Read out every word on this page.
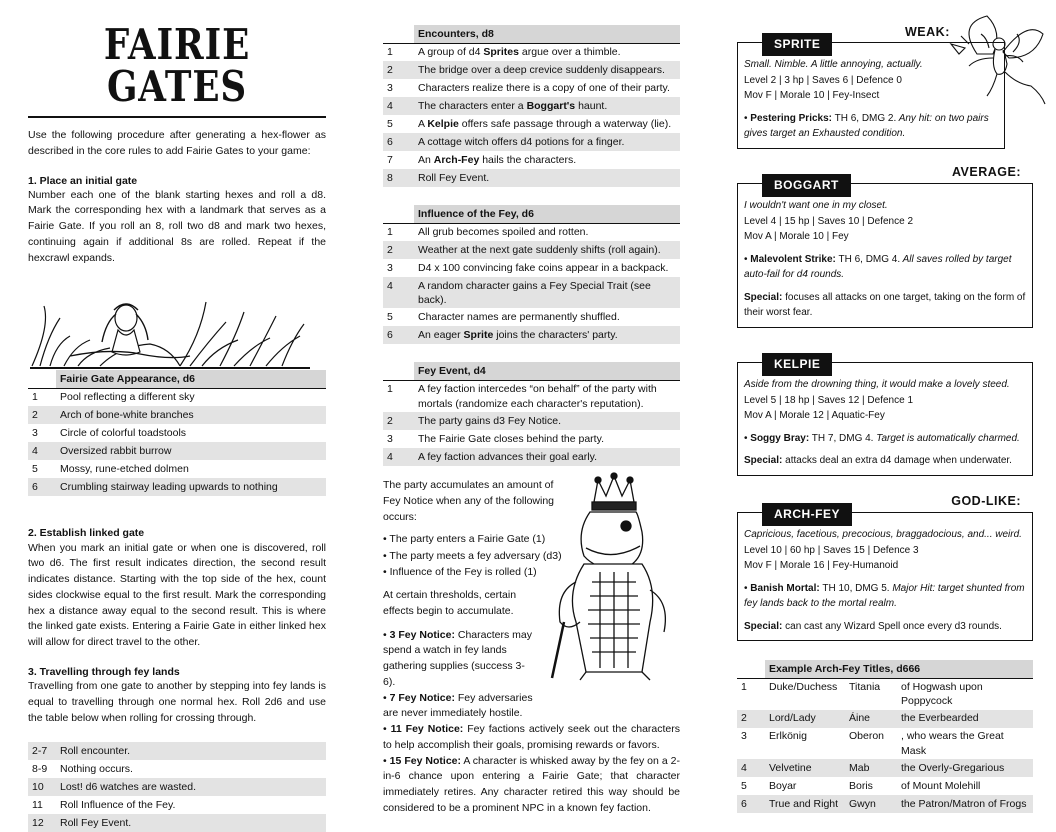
FAIRIE GATES
Use the following procedure after generating a hex-flower as described in the core rules to add Fairie Gates to your game:
1. Place an initial gate
Number each one of the blank starting hexes and roll a d8. Mark the corresponding hex with a landmark that serves as a Fairie Gate. If you roll an 8, roll two d8 and mark two hexes, continuing again if additional 8s are rolled. Repeat if the hexcrawl expands.
	Fairie Gate Appearance, d6
1	Pool reflecting a different sky
2	Arch of bone-white branches
3	Circle of colorful toadstools
4	Oversized rabbit burrow
5	Mossy, rune-etched dolmen
6	Crumbling stairway leading upwards to nothing
2. Establish linked gate
When you mark an initial gate or when one is discovered, roll two d6. The first result indicates direction, the second result indicates distance. Starting with the top side of the hex, count sides clockwise equal to the first result. Mark the corresponding hex a distance away equal to the second result. This is where the linked gate exists. Entering a Fairie Gate in either linked hex will allow for direct travel to the other.
3. Travelling through fey lands
Travelling from one gate to another by stepping into fey lands is equal to travelling through one normal hex. Roll 2d6 and use the table below when rolling for crossing through.
2-7	Roll encounter.
8-9	Nothing occurs.
10	Lost! d6 watches are wasted.
11	Roll Influence of the Fey.
12	Roll Fey Event.
	Encounters, d8
1	A group of d4 Sprites argue over a thimble.
2	The bridge over a deep crevice suddenly disappears.
3	Characters realize there is a copy of one of their party.
4	The characters enter a Boggart's haunt.
5	A Kelpie offers safe passage through a waterway (lie).
6	A cottage witch offers d4 potions for a finger.
7	An Arch-Fey hails the characters.
8	Roll Fey Event.
	Influence of the Fey, d6
1	All grub becomes spoiled and rotten.
2	Weather at the next gate suddenly shifts (roll again).
3	D4 x 100 convincing fake coins appear in a backpack.
4	A random character gains a Fey Special Trait (see back).
5	Character names are permanently shuffled.
6	An eager Sprite joins the characters' party.
	Fey Event, d4
1	A fey faction intercedes “on behalf” of the party with mortals (randomize each character's reputation).
2	The party gains d3 Fey Notice.
3	The Fairie Gate closes behind the party.
4	A fey faction advances their goal early.
The party accumulates an amount of Fey Notice when any of the following occurs:
• The party enters a Fairie Gate (1)
• The party meets a fey adversary (d3)
• Influence of the Fey is rolled (1)
At certain thresholds, certain effects begin to accumulate.
• 3 Fey Notice: Characters may spend a watch in fey lands gathering supplies (success 3-6).
• 7 Fey Notice: Fey adversaries are never immediately hostile.
• 11 Fey Notice: Fey factions actively seek out the characters to help accomplish their goals, promising rewards or favors.
• 15 Fey Notice: A character is whisked away by the fey on a 2-in-6 chance upon entering a Fairie Gate; that character immediately retires. Any character retired this way should be considered to be a prominent NPC in a known fey faction.
WEAK:
SPRITE
Small. Nimble. A little annoying, actually.
Level 2 | 3 hp | Saves 6 | Defence 0
Mov F | Morale 10 | Fey-Insect
• Pestering Pricks: TH 6, DMG 2. Any hit: on two pairs gives target an Exhausted condition.
AVERAGE:
BOGGART
I wouldn't want one in my closet.
Level 4 | 15 hp | Saves 10 | Defence 2
Mov A | Morale 10 | Fey
• Malevolent Strike: TH 6, DMG 4. All saves rolled by target auto-fail for d4 rounds.
Special: focuses all attacks on one target, taking on the form of their worst fear.
KELPIE
Aside from the drowning thing, it would make a lovely steed.
Level 5 | 18 hp | Saves 12 | Defence 1
Mov A | Morale 12 | Aquatic-Fey
• Soggy Bray: TH 7, DMG 4. Target is automatically charmed.
Special: attacks deal an extra d4 damage when underwater.
GOD-LIKE:
ARCH-FEY
Capricious, facetious, precocious, braggadocious, and... weird.
Level 10 | 60 hp | Saves 15 | Defence 3
Mov F | Morale 16 | Fey-Humanoid
• Banish Mortal: TH 10, DMG 5. Major Hit: target shunted from fey lands back to the mortal realm.
Special: can cast any Wizard Spell once every d3 rounds.
	Example Arch-Fey Titles, d666		
1	Duke/Duchess	Titania	of Hogwash upon Poppycock
2	Lord/Lady	Áine	the Everbearded
3	Erlkönig	Oberon	, who wears the Great Mask
4	Velvetine	Mab	the Overly-Gregarious
5	Boyar	Boris	of Mount Molehill
6	True and Right	Gwyn	the Patron/Matron of Frogs
